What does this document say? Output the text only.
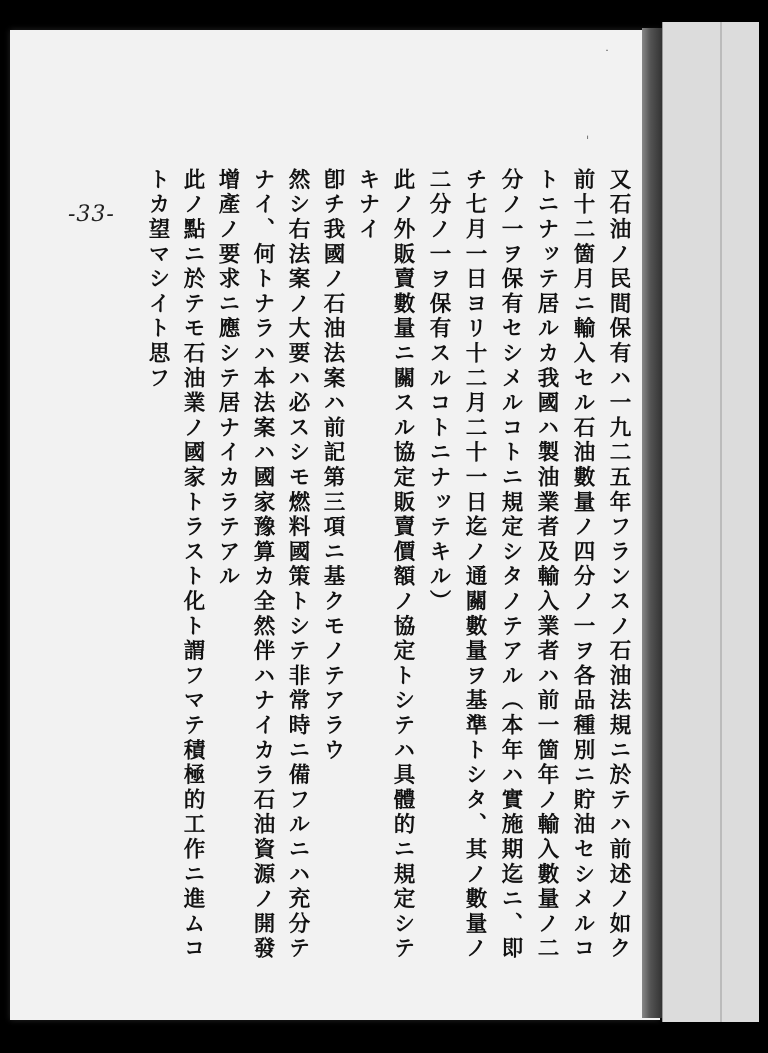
-33-	又石油ノ民間保有ハ一九二五年フランスノ石油法規ニ於テハ前述ノ如ク
前十二箇月ニ輸入セル石油數量ノ四分ノ一ヲ各品種別ニ貯油セシメルコ
トニナッテ居ルカ我國ハ製油業者及輸入業者ハ前一箇年ノ輸入數量ノ二
分ノ一ヲ保有セシメルコトニ規定シタノテアル（本年ハ實施期迄ニ、即
チ七月一日ヨリ十二月二十一日迄ノ通關數量ヲ基準トシタ、其ノ數量ノ
二分ノ一ヲ保有スルコトニナッテキル）
此ノ外販賣數量ニ關スル協定販賣價額ノ協定トシテハ具體的ニ規定シテ
キナイ
卽チ我國ノ石油法案ハ前記第三項ニ基クモノテアラウ
然シ右法案ノ大要ハ必スシモ燃料國策トシテ非常時ニ備フルニハ充分テ
ナイ、何トナラハ本法案ハ國家豫算カ全然伴ハナイカラ石油資源ノ開發
增產ノ要求ニ應シテ居ナイカラテアル
此ノ點ニ於テモ石油業ノ國家トラスト化ト謂フマテ積極的工作ニ進ムコ
トカ望マシイト思フ
˙
ˈ
